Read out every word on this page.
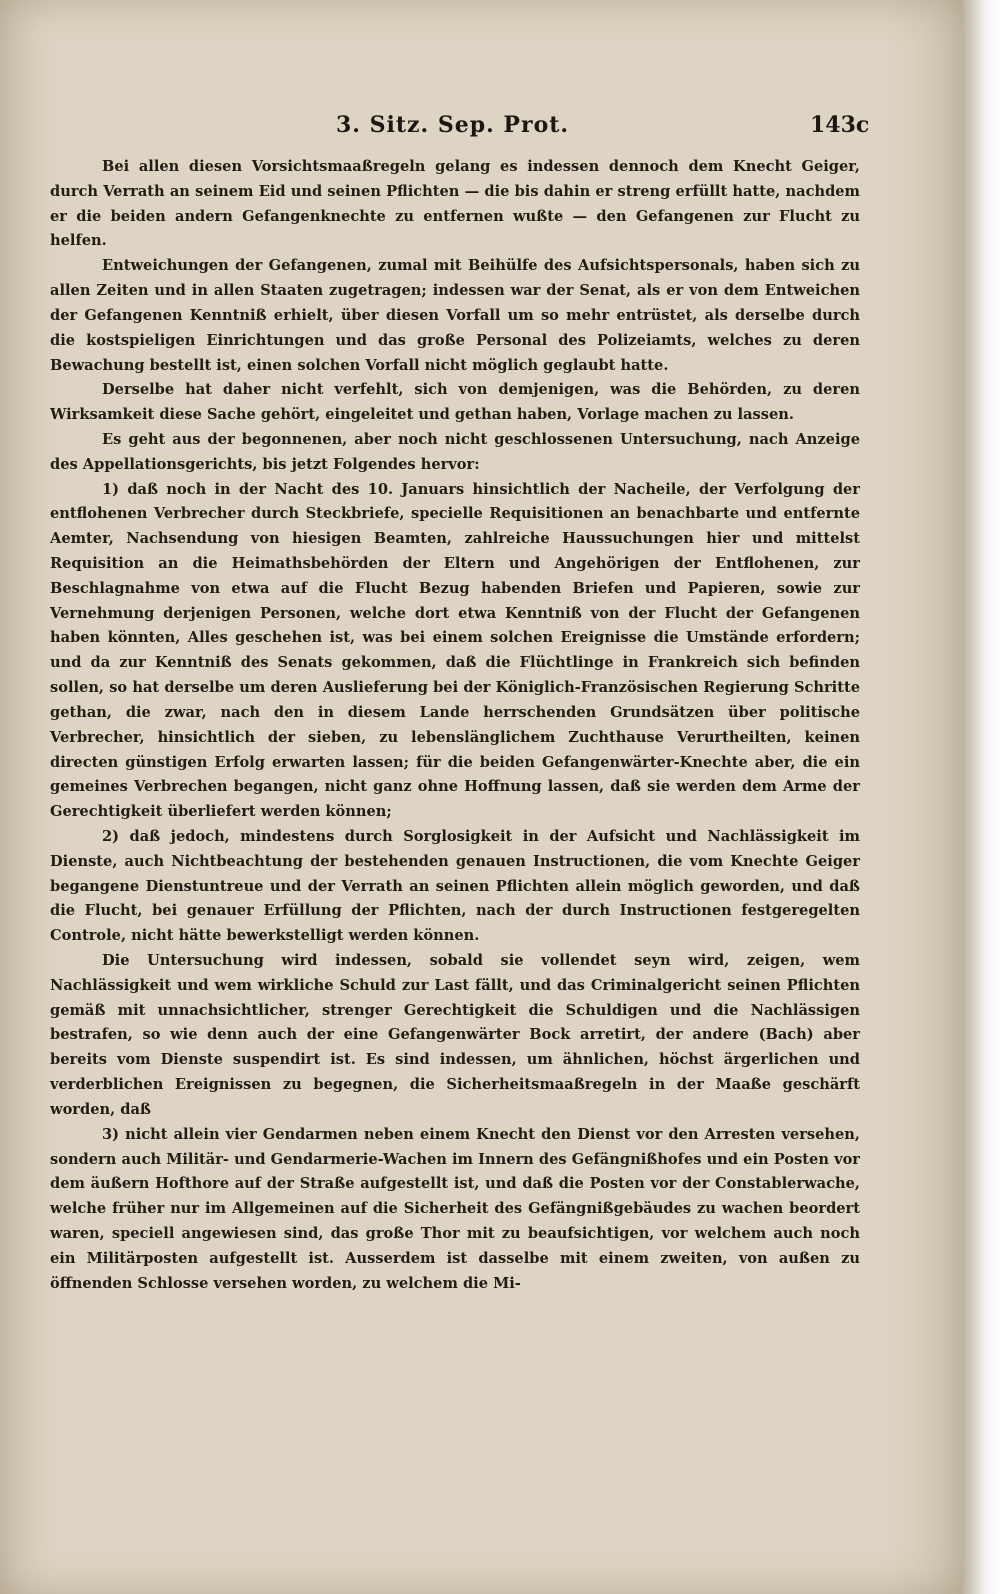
3. Sitz. Sep. Prot.	143c

Bei allen diesen Vorsichtsmaaßregeln gelang es indessen dennoch dem Knecht Geiger, durch Verrath an seinem Eid und seinen Pflichten — die bis dahin er streng erfüllt hatte, nachdem er die beiden andern Gefangenknechte zu entfernen wußte — den Gefangenen zur Flucht zu helfen.

Entweichungen der Gefangenen, zumal mit Beihülfe des Aufsichtspersonals, haben sich zu allen Zeiten und in allen Staaten zugetragen; indessen war der Senat, als er von dem Entweichen der Gefangenen Kenntniß erhielt, über diesen Vorfall um so mehr entrüstet, als derselbe durch die kostspieligen Einrichtungen und das große Personal des Polizeiamts, welches zu deren Bewachung bestellt ist, einen solchen Vorfall nicht möglich geglaubt hatte.

Derselbe hat daher nicht verfehlt, sich von demjenigen, was die Behörden, zu deren Wirksamkeit diese Sache gehört, eingeleitet und gethan haben, Vorlage machen zu lassen.

Es geht aus der begonnenen, aber noch nicht geschlossenen Untersuchung, nach Anzeige des Appellationsgerichts, bis jetzt Folgendes hervor:

1) daß noch in der Nacht des 10. Januars hinsichtlich der Nacheile, der Verfolgung der entflohenen Verbrecher durch Steckbriefe, specielle Requisitionen an benachbarte und entfernte Aemter, Nachsendung von hiesigen Beamten, zahlreiche Haussuchungen hier und mittelst Requisition an die Heimathsbehörden der Eltern und Angehörigen der Entflohenen, zur Beschlagnahme von etwa auf die Flucht Bezug habenden Briefen und Papieren, sowie zur Vernehmung derjenigen Personen, welche dort etwa Kenntniß von der Flucht der Gefangenen haben könnten, Alles geschehen ist, was bei einem solchen Ereignisse die Umstände erfordern; und da zur Kenntniß des Senats gekommen, daß die Flüchtlinge in Frankreich sich befinden sollen, so hat derselbe um deren Auslieferung bei der Königlich-Französischen Regierung Schritte gethan, die zwar, nach den in diesem Lande herrschenden Grundsätzen über politische Verbrecher, hinsichtlich der sieben, zu lebenslänglichem Zuchthause Verurtheilten, keinen directen günstigen Erfolg erwarten lassen; für die beiden Gefangenwärter-Knechte aber, die ein gemeines Verbrechen begangen, nicht ganz ohne Hoffnung lassen, daß sie werden dem Arme der Gerechtigkeit überliefert werden können;

2) daß jedoch, mindestens durch Sorglosigkeit in der Aufsicht und Nachlässigkeit im Dienste, auch Nichtbeachtung der bestehenden genauen Instructionen, die vom Knechte Geiger begangene Dienstuntreue und der Verrath an seinen Pflichten allein möglich geworden, und daß die Flucht, bei genauer Erfüllung der Pflichten, nach der durch Instructionen festgeregelten Controle, nicht hätte bewerkstelligt werden können.

Die Untersuchung wird indessen, sobald sie vollendet seyn wird, zeigen, wem Nachlässigkeit und wem wirkliche Schuld zur Last fällt, und das Criminalgericht seinen Pflichten gemäß mit unnachsichtlicher, strenger Gerechtigkeit die Schuldigen und die Nachlässigen bestrafen, so wie denn auch der eine Gefangenwärter Bock arretirt, der andere (Bach) aber bereits vom Dienste suspendirt ist. Es sind indessen, um ähnlichen, höchst ärgerlichen und verderblichen Ereignissen zu begegnen, die Sicherheitsmaaßregeln in der Maaße geschärft worden, daß

3) nicht allein vier Gendarmen neben einem Knecht den Dienst vor den Arresten versehen, sondern auch Militär- und Gendarmerie-Wachen im Innern des Gefängnißhofes und ein Posten vor dem äußern Hofthore auf der Straße aufgestellt ist, und daß die Posten vor der Constablerwache, welche früher nur im Allgemeinen auf die Sicherheit des Gefängnißgebäudes zu wachen beordert waren, speciell angewiesen sind, das große Thor mit zu beaufsichtigen, vor welchem auch noch ein Militärposten aufgestellt ist. Ausserdem ist dasselbe mit einem zweiten, von außen zu öffnenden Schlosse versehen worden, zu welchem die Mi-
